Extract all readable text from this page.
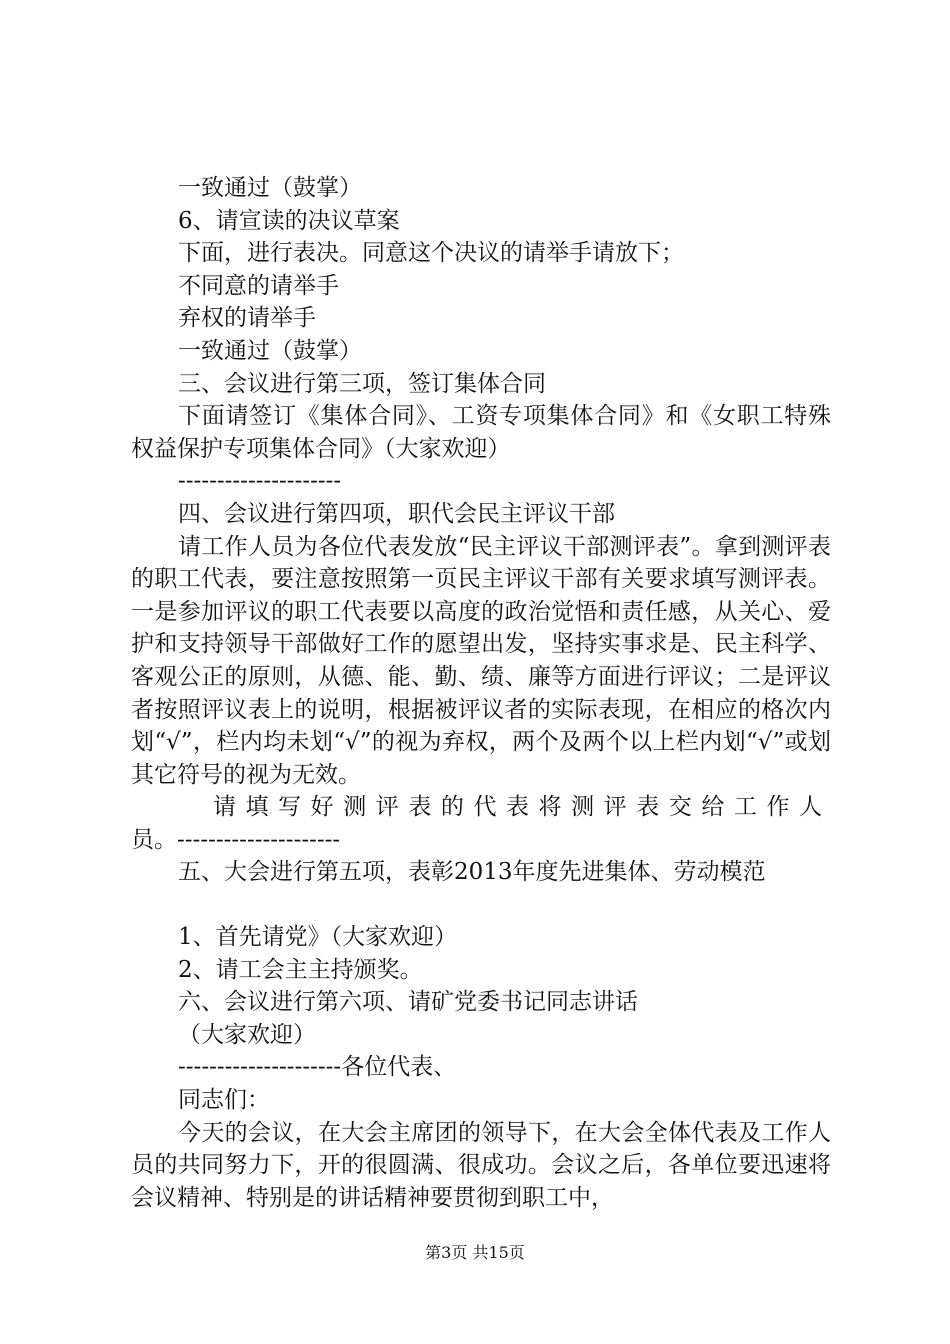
一致通过（鼓掌）

6、请宣读的决议草案

下面，进行表决。同意这个决议的请举手请放下；

不同意的请举手

弃权的请举手

一致通过（鼓掌）

三、会议进行第三项，签订集体合同

下面请签订《集体合同》、工资专项集体合同》和《女职工特殊权益保护专项集体合同》（大家欢迎）

---------------------

四、会议进行第四项，职代会民主评议干部

请工作人员为各位代表发放“民主评议干部测评表”。拿到测评表的职工代表，要注意按照第一页民主评议干部有关要求填写测评表。一是参加评议的职工代表要以高度的政治觉悟和责任感，从关心、爱护和支持领导干部做好工作的愿望出发，坚持实事求是、民主科学、客观公正的原则，从德、能、勤、绩、廉等方面进行评议；二是评议者按照评议表上的说明，根据被评议者的实际表现，在相应的格次内划“√”，栏内均未划“√”的视为弃权，两个及两个以上栏内划“√”或划其它符号的视为无效。

请填写好测评表的代表将测评表交给工作人

员。---------------------

五、大会进行第五项，表彰2013年度先进集体、劳动模范

1、首先请党》（大家欢迎）

2、请工会主主持颁奖。

六、会议进行第六项、请矿党委书记同志讲话

（大家欢迎）

---------------------各位代表、

同志们：

今天的会议，在大会主席团的领导下，在大会全体代表及工作人员的共同努力下，开的很圆满、很成功。会议之后，各单位要迅速将会议精神、特别是的讲话精神要贯彻到职工中，

第3页 共15页
